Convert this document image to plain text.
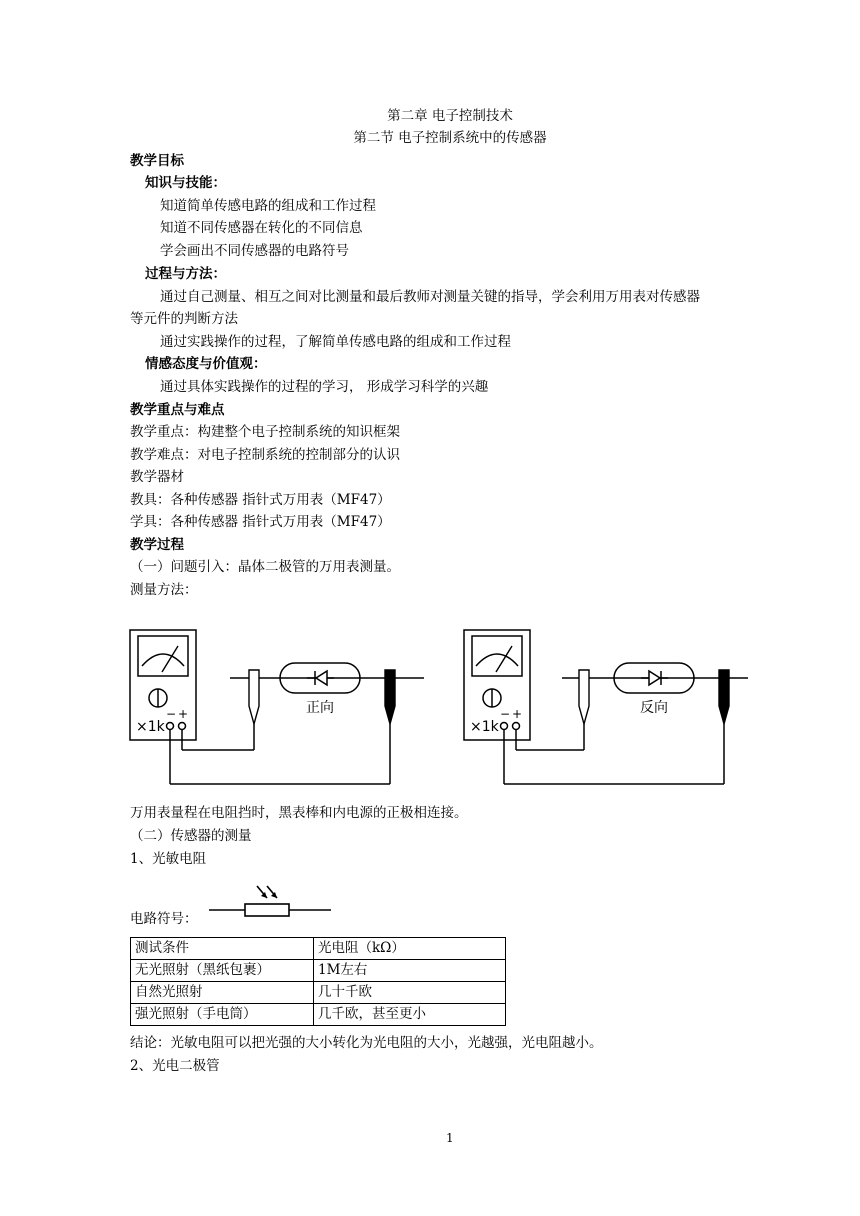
第二章 电子控制技术
第二节 电子控制系统中的传感器
教学目标
知识与技能：
知道简单传感电路的组成和工作过程
知道不同传感器在转化的不同信息
学会画出不同传感器的电路符号
过程与方法：
通过自己测量、相互之间对比测量和最后教师对测量关键的指导，学会利用万用表对传感器
等元件的判断方法
通过实践操作的过程，了解简单传感电路的组成和工作过程
情感态度与价值观：
通过具体实践操作的过程的学习， 形成学习科学的兴趣
教学重点与难点
教学重点：构建整个电子控制系统的知识框架
教学难点：对电子控制系统的控制部分的认识
教学器材
教具：各种传感器 指针式万用表（MF47）
学具：各种传感器 指针式万用表（MF47）
教学过程
（一）问题引入：晶体二极管的万用表测量。
测量方法：
×1k
− +	正向
×1k
− +	反向
万用表量程在电阻挡时，黑表棒和内电源的正极相连接。
（二）传感器的测量
1、光敏电阻
电路符号：
测试条件	光电阻（kΩ）
无光照射（黑纸包裹）	1M左右
自然光照射	几十千欧
强光照射（手电筒）	几千欧，甚至更小
结论：光敏电阻可以把光强的大小转化为光电阻的大小，光越强，光电阻越小。
2、光电二极管
1
